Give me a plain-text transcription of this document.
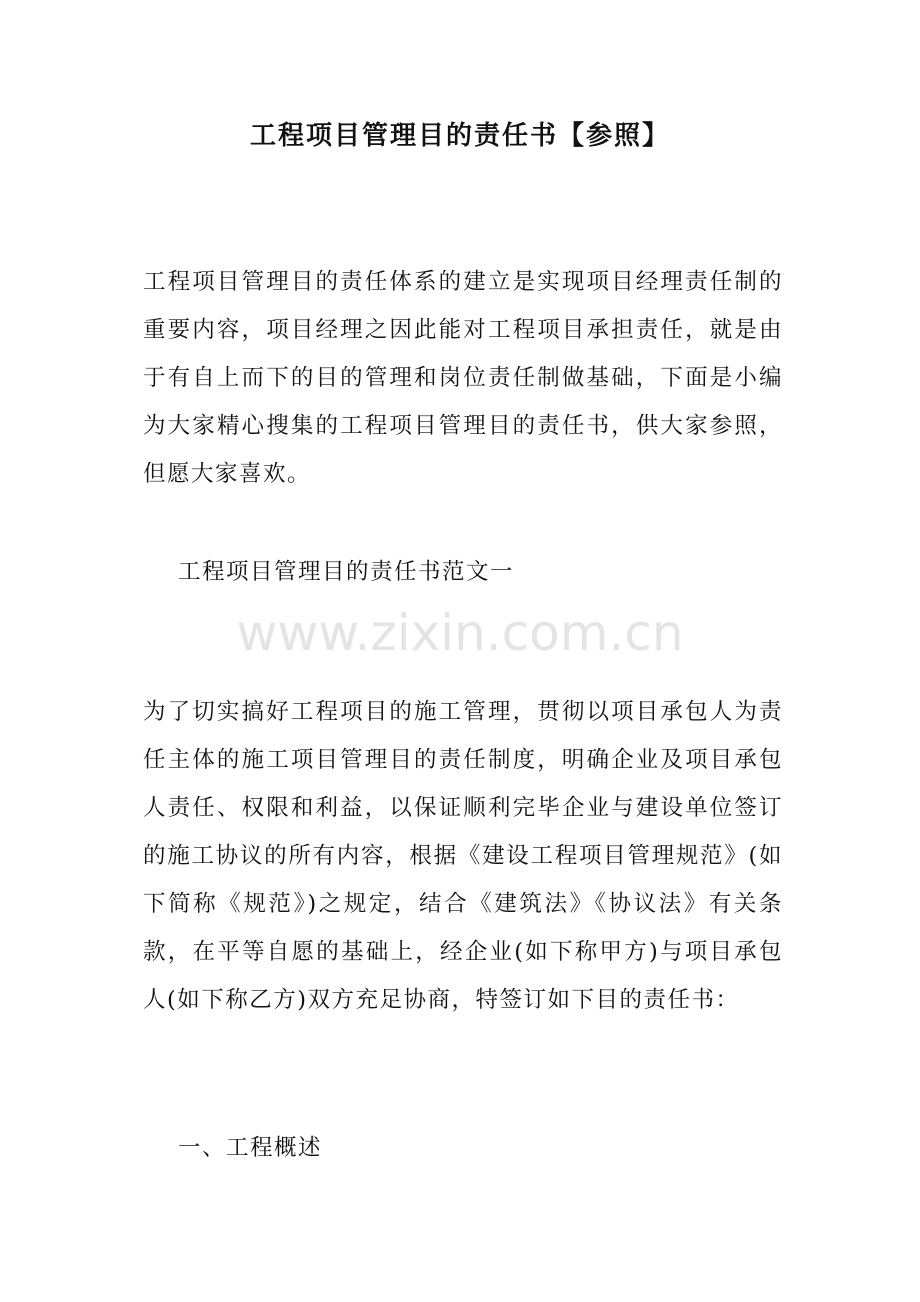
工程项目管理目的责任书【参照】

工程项目管理目的责任体系的建立是实现项目经理责任制的重要内容，项目经理之因此能对工程项目承担责任，就是由于有自上而下的目的管理和岗位责任制做基础，下面是小编为大家精心搜集的工程项目管理目的责任书，供大家参照，但愿大家喜欢。

工程项目管理目的责任书范文一
www.zixin.com.cn

为了切实搞好工程项目的施工管理，贯彻以项目承包人为责任主体的施工项目管理目的责任制度，明确企业及项目承包人责任、权限和利益，以保证顺利完毕企业与建设单位签订的施工协议的所有内容，根据《建设工程项目管理规范》(如下简称《规范》)之规定，结合《建筑法》《协议法》有关条款，在平等自愿的基础上，经企业(如下称甲方)与项目承包人(如下称乙方)双方充足协商，特签订如下目的责任书：

一、工程概述
